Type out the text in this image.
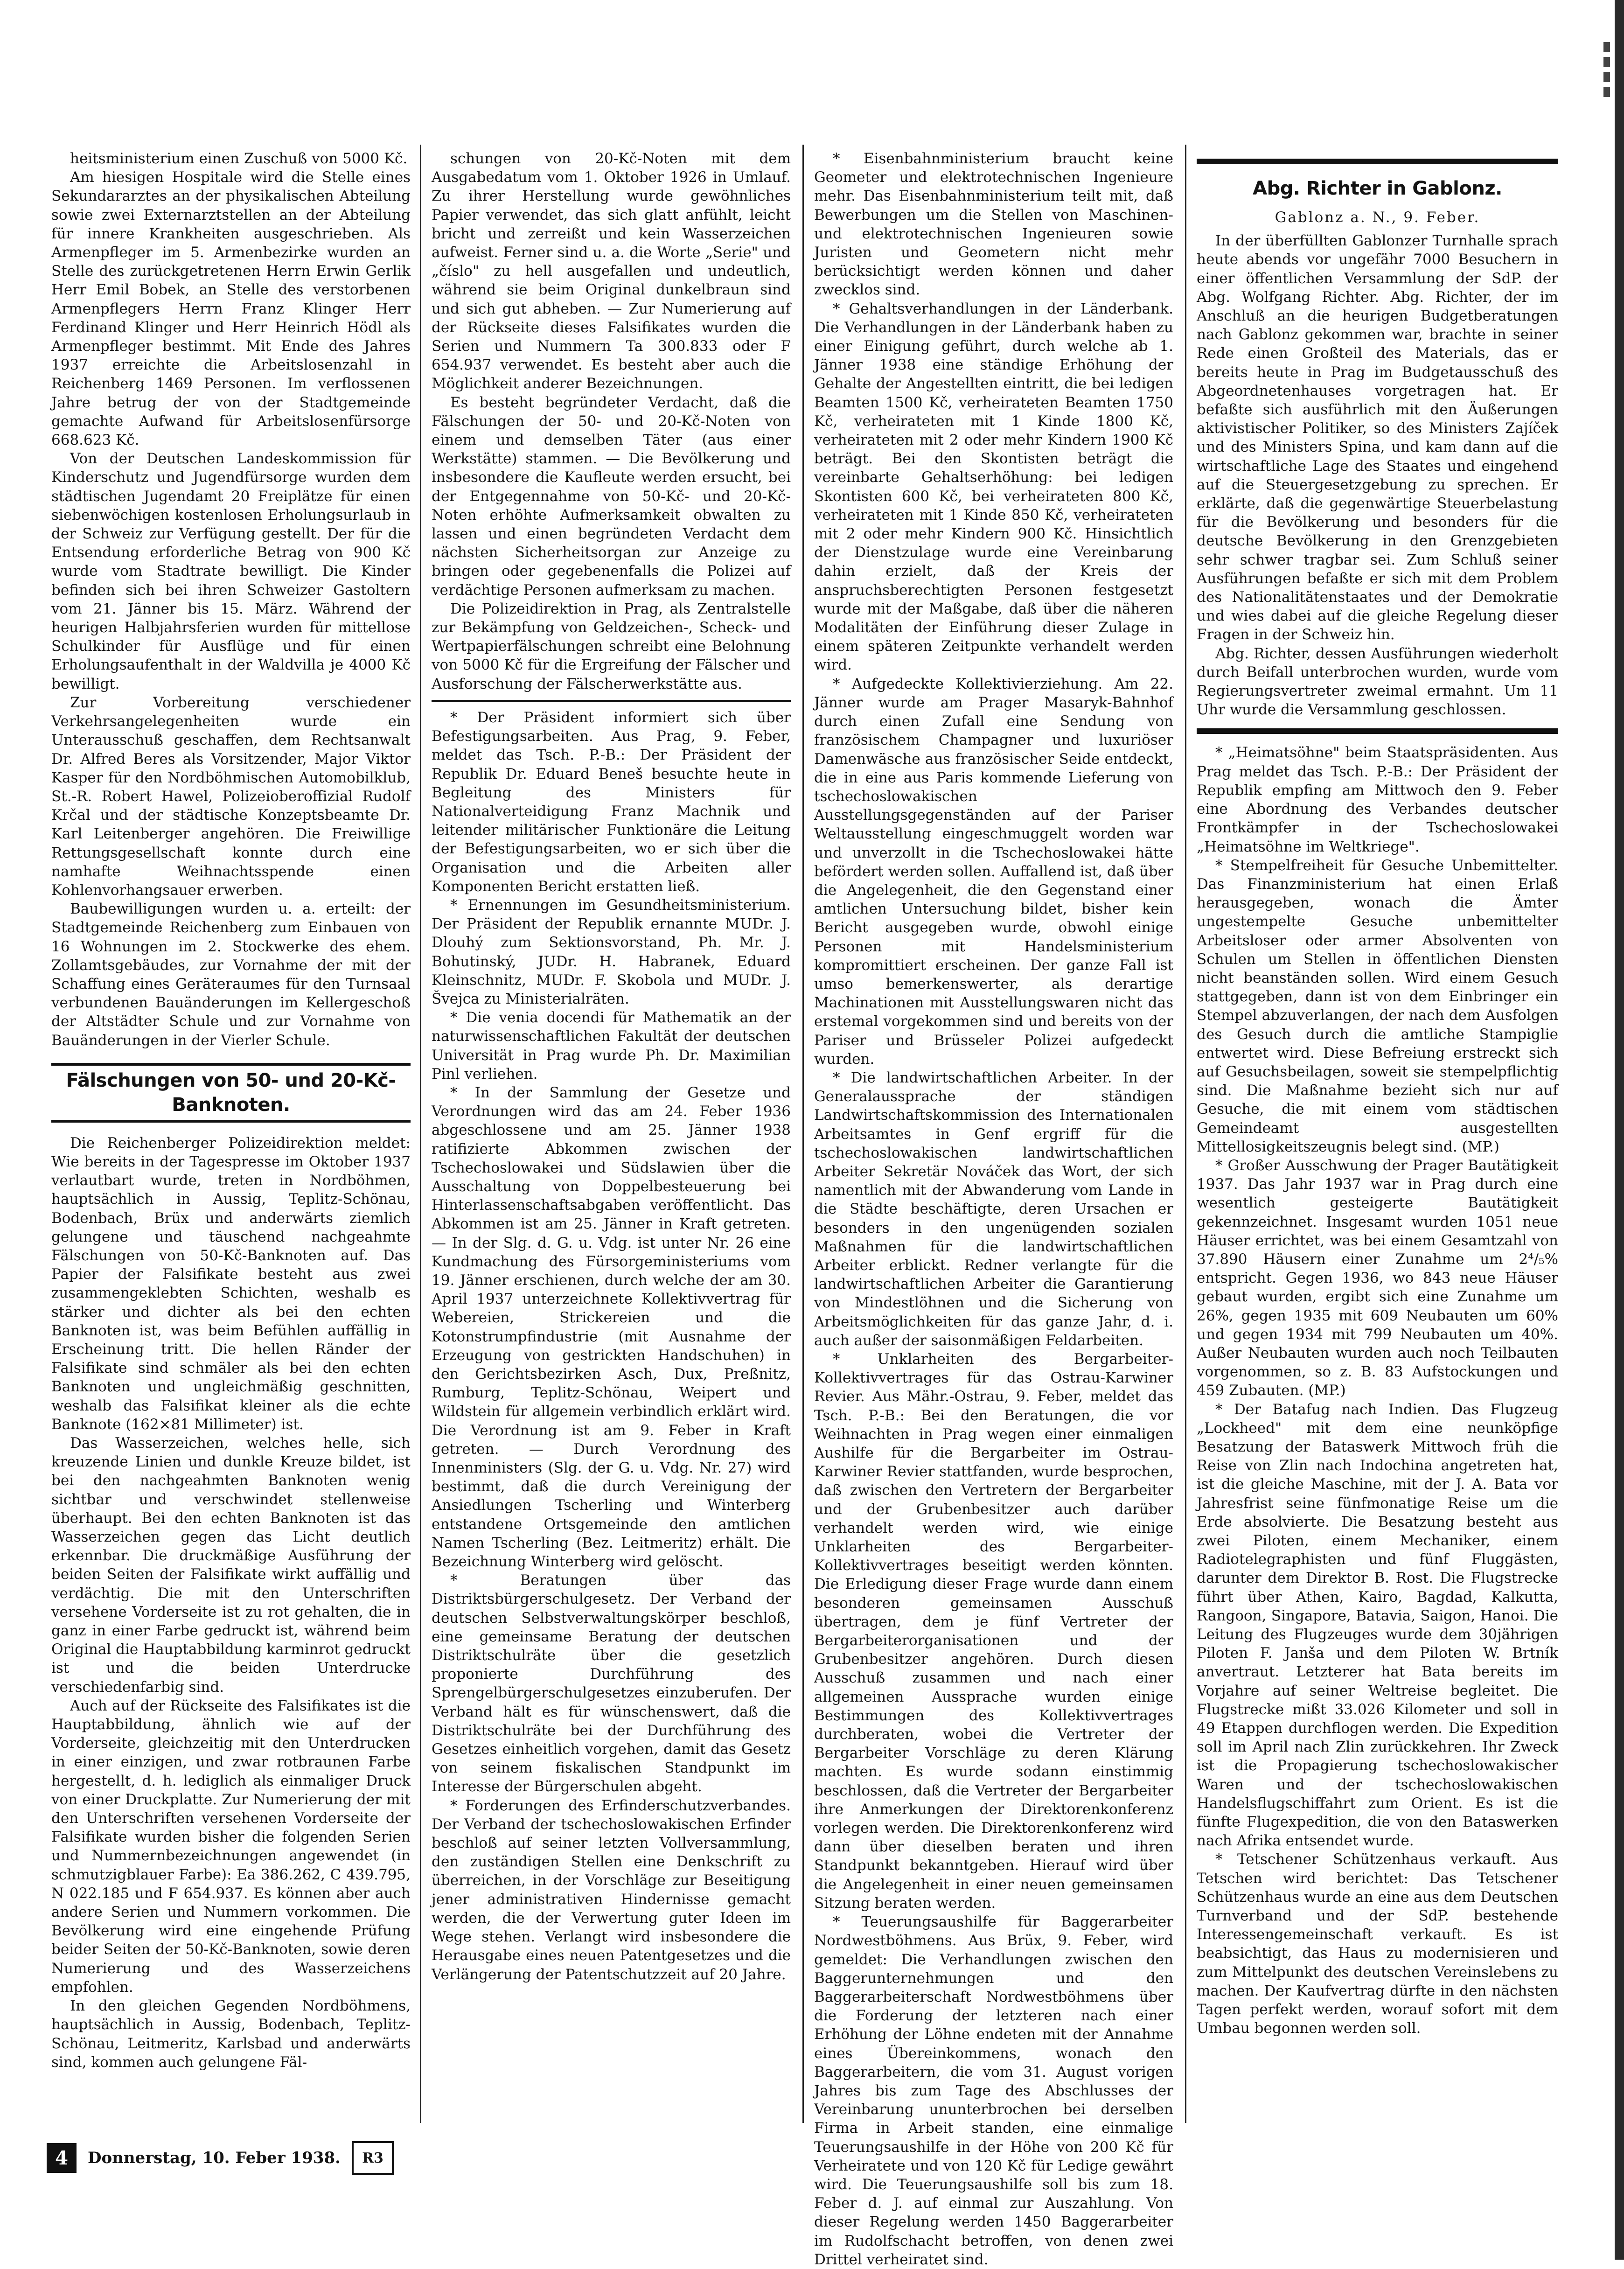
heitsministerium einen Zuschuß von 5000 Kč.

Am hiesigen Hospitale wird die Stelle eines Sekundararztes an der physikalischen Abteilung sowie zwei Externarztstellen an der Abteilung für innere Krankheiten ausgeschrieben. Als Armenpfleger im 5. Armenbezirke wurden an Stelle des zurückgetretenen Herrn Erwin Gerlik Herr Emil Bobek, an Stelle des verstorbenen Armenpflegers Herrn Franz Klinger Herr Ferdinand Klinger und Herr Heinrich Hödl als Armenpfleger bestimmt. Mit Ende des Jahres 1937 erreichte die Arbeitslosenzahl in Reichenberg 1469 Personen. Im verflossenen Jahre betrug der von der Stadtgemeinde gemachte Aufwand für Arbeitslosenfürsorge 668.623 Kč.

Von der Deutschen Landeskommission für Kinderschutz und Jugendfürsorge wurden dem städtischen Jugendamt 20 Freiplätze für einen siebenwöchigen kostenlosen Erholungsurlaub in der Schweiz zur Verfügung gestellt. Der für die Entsendung erforderliche Betrag von 900 Kč wurde vom Stadtrate bewilligt. Die Kinder befinden sich bei ihren Schweizer Gastoltern vom 21. Jänner bis 15. März. Während der heurigen Halbjahrsferien wurden für mittellose Schulkinder für Ausflüge und für einen Erholungsaufenthalt in der Waldvilla je 4000 Kč bewilligt.

Zur Vorbereitung verschiedener Verkehrsangelegenheiten wurde ein Unterausschuß geschaffen, dem Rechtsanwalt Dr. Alfred Beres als Vorsitzender, Major Viktor Kasper für den Nordböhmischen Automobilklub, St.-R. Robert Hawel, Polizeioberoffizial Rudolf Krčal und der städtische Konzeptsbeamte Dr. Karl Leitenberger angehören. Die Freiwillige Rettungsgesellschaft konnte durch eine namhafte Weihnachtsspende einen Kohlenvorhangsauer erwerben.

Baubewilligungen wurden u. a. erteilt: der Stadtgemeinde Reichenberg zum Einbauen von 16 Wohnungen im 2. Stockwerke des ehem. Zollamtsgebäudes, zur Vornahme der mit der Schaffung eines Geräteraumes für den Turnsaal verbundenen Bauänderungen im Kellergeschoß der Altstädter Schule und zur Vornahme von Bauänderungen in der Vierler Schule.

Fälschungen von 50- und 20-Kč-Banknoten.

Die Reichenberger Polizeidirektion meldet: Wie bereits in der Tagespresse im Oktober 1937 verlautbart wurde, treten in Nordböhmen, hauptsächlich in Aussig, Teplitz-Schönau, Bodenbach, Brüx und anderwärts ziemlich gelungene und täuschend nachgeahmte Fälschungen von 50-Kč-Banknoten auf. Das Papier der Falsifikate besteht aus zwei zusammengeklebten Schichten, weshalb es stärker und dichter als bei den echten Banknoten ist, was beim Befühlen auffällig in Erscheinung tritt. Die hellen Ränder der Falsifikate sind schmäler als bei den echten Banknoten und ungleichmäßig geschnitten, weshalb das Falsifikat kleiner als die echte Banknote (162×81 Millimeter) ist.

Das Wasserzeichen, welches helle, sich kreuzende Linien und dunkle Kreuze bildet, ist bei den nachgeahmten Banknoten wenig sichtbar und verschwindet stellenweise überhaupt. Bei den echten Banknoten ist das Wasserzeichen gegen das Licht deutlich erkennbar. Die druckmäßige Ausführung der beiden Seiten der Falsifikate wirkt auffällig und verdächtig. Die mit den Unterschriften versehene Vorderseite ist zu rot gehalten, die in ganz in einer Farbe gedruckt ist, während beim Original die Hauptabbildung karminrot gedruckt ist und die beiden Unterdrucke verschiedenfarbig sind.

Auch auf der Rückseite des Falsifikates ist die Hauptabbildung, ähnlich wie auf der Vorderseite, gleichzeitig mit den Unterdrucken in einer einzigen, und zwar rotbraunen Farbe hergestellt, d. h. lediglich als einmaliger Druck von einer Druckplatte. Zur Numerierung der mit den Unterschriften versehenen Vorderseite der Falsifikate wurden bisher die folgenden Serien und Nummernbezeichnungen angewendet (in schmutzigblauer Farbe): Ea 386.262, C 439.795, N 022.185 und F 654.937. Es können aber auch andere Serien und Nummern vorkommen. Die Bevölkerung wird eine eingehende Prüfung beider Seiten der 50-Kč-Banknoten, sowie deren Numerierung und des Wasserzeichens empfohlen.

In den gleichen Gegenden Nordböhmens, hauptsächlich in Aussig, Bodenbach, Teplitz-Schönau, Leitmeritz, Karlsbad und anderwärts sind, kommen auch gelungene Fäl-

schungen von 20-Kč-Noten mit dem Ausgabedatum vom 1. Oktober 1926 in Umlauf. Zu ihrer Herstellung wurde gewöhnliches Papier verwendet, das sich glatt anfühlt, leicht bricht und zerreißt und kein Wasserzeichen aufweist. Ferner sind u. a. die Worte „Serie" und „číslo" zu hell ausgefallen und undeutlich, während sie beim Original dunkelbraun sind und sich gut abheben. — Zur Numerierung auf der Rückseite dieses Falsifikates wurden die Serien und Nummern Ta 300.833 oder F 654.937 verwendet. Es besteht aber auch die Möglichkeit anderer Bezeichnungen.

Es besteht begründeter Verdacht, daß die Fälschungen der 50- und 20-Kč-Noten von einem und demselben Täter (aus einer Werkstätte) stammen. — Die Bevölkerung und insbesondere die Kaufleute werden ersucht, bei der Entgegennahme von 50-Kč- und 20-Kč-Noten erhöhte Aufmerksamkeit obwalten zu lassen und einen begründeten Verdacht dem nächsten Sicherheitsorgan zur Anzeige zu bringen oder gegebenenfalls die Polizei auf verdächtige Personen aufmerksam zu machen.

Die Polizeidirektion in Prag, als Zentralstelle zur Bekämpfung von Geldzeichen-, Scheck- und Wertpapierfälschungen schreibt eine Belohnung von 5000 Kč für die Ergreifung der Fälscher und Ausforschung der Fälscherwerkstätte aus.

* Der Präsident informiert sich über Befestigungsarbeiten. Aus Prag, 9. Feber, meldet das Tsch. P.-B.: Der Präsident der Republik Dr. Eduard Beneš besuchte heute in Begleitung des Ministers für Nationalverteidigung Franz Machnik und leitender militärischer Funktionäre die Leitung der Befestigungsarbeiten, wo er sich über die Organisation und die Arbeiten aller Komponenten Bericht erstatten ließ.

* Ernennungen im Gesundheitsministerium. Der Präsident der Republik ernannte MUDr. J. Dlouhý zum Sektionsvorstand, Ph. Mr. J. Bohutinský, JUDr. H. Habranek, Eduard Kleinschnitz, MUDr. F. Skobola und MUDr. J. Švejca zu Ministerialräten.

* Die venia docendi für Mathematik an der naturwissenschaftlichen Fakultät der deutschen Universität in Prag wurde Ph. Dr. Maximilian Pinl verliehen.

* In der Sammlung der Gesetze und Verordnungen wird das am 24. Feber 1936 abgeschlossene und am 25. Jänner 1938 ratifizierte Abkommen zwischen der Tschechoslowakei und Südslawien über die Ausschaltung von Doppelbesteuerung bei Hinterlassenschaftsabgaben veröffentlicht. Das Abkommen ist am 25. Jänner in Kraft getreten. — In der Slg. d. G. u. Vdg. ist unter Nr. 26 eine Kundmachung des Fürsorgeministeriums vom 19. Jänner erschienen, durch welche der am 30. April 1937 unterzeichnete Kollektivvertrag für Webereien, Strickereien und die Kotonstrumpfindustrie (mit Ausnahme der Erzeugung von gestrickten Handschuhen) in den Gerichtsbezirken Asch, Dux, Preßnitz, Rumburg, Teplitz-Schönau, Weipert und Wildstein für allgemein verbindlich erklärt wird. Die Verordnung ist am 9. Feber in Kraft getreten. — Durch Verordnung des Innenministers (Slg. der G. u. Vdg. Nr. 27) wird bestimmt, daß die durch Vereinigung der Ansiedlungen Tscherling und Winterberg entstandene Ortsgemeinde den amtlichen Namen Tscherling (Bez. Leitmeritz) erhält. Die Bezeichnung Winterberg wird gelöscht.

* Beratungen über das Distriktsbürgerschulgesetz. Der Verband der deutschen Selbstverwaltungskörper beschloß, eine gemeinsame Beratung der deutschen Distriktschulräte über die gesetzlich proponierte Durchführung des Sprengelbürgerschulgesetzes einzuberufen. Der Verband hält es für wünschenswert, daß die Distriktschulräte bei der Durchführung des Gesetzes einheitlich vorgehen, damit das Gesetz von seinem fiskalischen Standpunkt im Interesse der Bürgerschulen abgeht.

* Forderungen des Erfinderschutzverbandes. Der Verband der tschechoslowakischen Erfinder beschloß auf seiner letzten Vollversammlung, den zuständigen Stellen eine Denkschrift zu überreichen, in der Vorschläge zur Beseitigung jener administrativen Hindernisse gemacht werden, die der Verwertung guter Ideen im Wege stehen. Verlangt wird insbesondere die Herausgabe eines neuen Patentgesetzes und die Verlängerung der Patentschutzzeit auf 20 Jahre.

* Eisenbahnministerium braucht keine Geometer und elektrotechnischen Ingenieure mehr. Das Eisenbahnministerium teilt mit, daß Bewerbungen um die Stellen von Maschinen- und elektrotechnischen Ingenieuren sowie Juristen und Geometern nicht mehr berücksichtigt werden können und daher zwecklos sind.

* Gehaltsverhandlungen in der Länderbank. Die Verhandlungen in der Länderbank haben zu einer Einigung geführt, durch welche ab 1. Jänner 1938 eine ständige Erhöhung der Gehalte der Angestellten eintritt, die bei ledigen Beamten 1500 Kč, verheirateten Beamten 1750 Kč, verheirateten mit 1 Kinde 1800 Kč, verheirateten mit 2 oder mehr Kindern 1900 Kč beträgt. Bei den Skontisten beträgt die vereinbarte Gehaltserhöhung: bei ledigen Skontisten 600 Kč, bei verheirateten 800 Kč, verheirateten mit 1 Kinde 850 Kč, verheirateten mit 2 oder mehr Kindern 900 Kč. Hinsichtlich der Dienstzulage wurde eine Vereinbarung dahin erzielt, daß der Kreis der anspruchsberechtigten Personen festgesetzt wurde mit der Maßgabe, daß über die näheren Modalitäten der Einführung dieser Zulage in einem späteren Zeitpunkte verhandelt werden wird.

* Aufgedeckte Kollektivierziehung. Am 22. Jänner wurde am Prager Masaryk-Bahnhof durch einen Zufall eine Sendung von französischem Champagner und luxuriöser Damenwäsche aus französischer Seide entdeckt, die in eine aus Paris kommende Lieferung von tschechoslowakischen Ausstellungsgegenständen auf der Pariser Weltausstellung eingeschmuggelt worden war und unverzollt in die Tschechoslowakei hätte befördert werden sollen. Auffallend ist, daß über die Angelegenheit, die den Gegenstand einer amtlichen Untersuchung bildet, bisher kein Bericht ausgegeben wurde, obwohl einige Personen mit Handelsministerium kompromittiert erscheinen. Der ganze Fall ist umso bemerkenswerter, als derartige Machinationen mit Ausstellungswaren nicht das erstemal vorgekommen sind und bereits von der Pariser und Brüsseler Polizei aufgedeckt wurden.

* Die landwirtschaftlichen Arbeiter. In der Generalaussprache der ständigen Landwirtschaftskommission des Internationalen Arbeitsamtes in Genf ergriff für die tschechoslowakischen landwirtschaftlichen Arbeiter Sekretär Nováček das Wort, der sich namentlich mit der Abwanderung vom Lande in die Städte beschäftigte, deren Ursachen er besonders in den ungenügenden sozialen Maßnahmen für die landwirtschaftlichen Arbeiter erblickt. Redner verlangte für die landwirtschaftlichen Arbeiter die Garantierung von Mindestlöhnen und die Sicherung von Arbeitsmöglichkeiten für das ganze Jahr, d. i. auch außer der saisonmäßigen Feldarbeiten.

* Unklarheiten des Bergarbeiter-Kollektivvertrages für das Ostrau-Karwiner Revier. Aus Mähr.-Ostrau, 9. Feber, meldet das Tsch. P.-B.: Bei den Beratungen, die vor Weihnachten in Prag wegen einer einmaligen Aushilfe für die Bergarbeiter im Ostrau-Karwiner Revier stattfanden, wurde besprochen, daß zwischen den Vertretern der Bergarbeiter und der Grubenbesitzer auch darüber verhandelt werden wird, wie einige Unklarheiten des Bergarbeiter-Kollektivvertrages beseitigt werden könnten. Die Erledigung dieser Frage wurde dann einem besonderen gemeinsamen Ausschuß übertragen, dem je fünf Vertreter der Bergarbeiterorganisationen und der Grubenbesitzer angehören. Durch diesen Ausschuß zusammen und nach einer allgemeinen Aussprache wurden einige Bestimmungen des Kollektivvertrages durchberaten, wobei die Vertreter der Bergarbeiter Vorschläge zu deren Klärung machten. Es wurde sodann einstimmig beschlossen, daß die Vertreter der Bergarbeiter ihre Anmerkungen der Direktorenkonferenz vorlegen werden. Die Direktorenkonferenz wird dann über dieselben beraten und ihren Standpunkt bekanntgeben. Hierauf wird über die Angelegenheit in einer neuen gemeinsamen Sitzung beraten werden.

* Teuerungsaushilfe für Baggerarbeiter Nordwestböhmens. Aus Brüx, 9. Feber, wird gemeldet: Die Verhandlungen zwischen den Baggerunternehmungen und den Baggerarbeiterschaft Nordwestböhmens über die Forderung der letzteren nach einer Erhöhung der Löhne endeten mit der Annahme eines Übereinkommens, wonach den Baggerarbeitern, die vom 31. August vorigen Jahres bis zum Tage des Abschlusses der Vereinbarung ununterbrochen bei derselben Firma in Arbeit standen, eine einmalige Teuerungsaushilfe in der Höhe von 200 Kč für Verheiratete und von 120 Kč für Ledige gewährt wird. Die Teuerungsaushilfe soll bis zum 18. Feber d. J. auf einmal zur Auszahlung. Von dieser Regelung werden 1450 Baggerarbeiter im Rudolfschacht betroffen, von denen zwei Drittel verheiratet sind.

Abg. Richter in Gablonz.

Gablonz a. N., 9. Feber.

In der überfüllten Gablonzer Turnhalle sprach heute abends vor ungefähr 7000 Besuchern in einer öffentlichen Versammlung der SdP. der Abg. Wolfgang Richter. Abg. Richter, der im Anschluß an die heurigen Budgetberatungen nach Gablonz gekommen war, brachte in seiner Rede einen Großteil des Materials, das er bereits heute in Prag im Budgetausschuß des Abgeordnetenhauses vorgetragen hat. Er befaßte sich ausführlich mit den Äußerungen aktivistischer Politiker, so des Ministers Zajíček und des Ministers Spina, und kam dann auf die wirtschaftliche Lage des Staates und eingehend auf die Steuergesetzgebung zu sprechen. Er erklärte, daß die gegenwärtige Steuerbelastung für die Bevölkerung und besonders für die deutsche Bevölkerung in den Grenzgebieten sehr schwer tragbar sei. Zum Schluß seiner Ausführungen befaßte er sich mit dem Problem des Nationalitätenstaates und der Demokratie und wies dabei auf die gleiche Regelung dieser Fragen in der Schweiz hin.

Abg. Richter, dessen Ausführungen wiederholt durch Beifall unterbrochen wurden, wurde vom Regierungsvertreter zweimal ermahnt. Um 11 Uhr wurde die Versammlung geschlossen.

* „Heimatsöhne" beim Staatspräsidenten. Aus Prag meldet das Tsch. P.-B.: Der Präsident der Republik empfing am Mittwoch den 9. Feber eine Abordnung des Verbandes deutscher Frontkämpfer in der Tschechoslowakei „Heimatsöhne im Weltkriege".

* Stempelfreiheit für Gesuche Unbemittelter. Das Finanzministerium hat einen Erlaß herausgegeben, wonach die Ämter ungestempelte Gesuche unbemittelter Arbeitsloser oder armer Absolventen von Schulen um Stellen in öffentlichen Diensten nicht beanständen sollen. Wird einem Gesuch stattgegeben, dann ist von dem Einbringer ein Stempel abzuverlangen, der nach dem Ausfolgen des Gesuch durch die amtliche Stampiglie entwertet wird. Diese Befreiung erstreckt sich auf Gesuchsbeilagen, soweit sie stempelpflichtig sind. Die Maßnahme bezieht sich nur auf Gesuche, die mit einem vom städtischen Gemeindeamt ausgestellten Mittellosigkeitszeugnis belegt sind. (MP.)

* Großer Ausschwung der Prager Bautätigkeit 1937. Das Jahr 1937 war in Prag durch eine wesentlich gesteigerte Bautätigkeit gekennzeichnet. Insgesamt wurden 1051 neue Häuser errichtet, was bei einem Gesamtzahl von 37.890 Häusern einer Zunahme um 2⁴/₅% entspricht. Gegen 1936, wo 843 neue Häuser gebaut wurden, ergibt sich eine Zunahme um 26%, gegen 1935 mit 609 Neubauten um 60% und gegen 1934 mit 799 Neubauten um 40%. Außer Neubauten wurden auch noch Teilbauten vorgenommen, so z. B. 83 Aufstockungen und 459 Zubauten. (MP.)

* Der Batafug nach Indien. Das Flugzeug „Lockheed" mit dem eine neunköpfige Besatzung der Bataswerk Mittwoch früh die Reise von Zlin nach Indochina angetreten hat, ist die gleiche Maschine, mit der J. A. Bata vor Jahresfrist seine fünfmonatige Reise um die Erde absolvierte. Die Besatzung besteht aus zwei Piloten, einem Mechaniker, einem Radiotelegraphisten und fünf Fluggästen, darunter dem Direktor B. Rost. Die Flugstrecke führt über Athen, Kairo, Bagdad, Kalkutta, Rangoon, Singapore, Batavia, Saigon, Hanoi. Die Leitung des Flugzeuges wurde dem 30jährigen Piloten F. Janša und dem Piloten W. Brtník anvertraut. Letzterer hat Bata bereits im Vorjahre auf seiner Weltreise begleitet. Die Flugstrecke mißt 33.026 Kilometer und soll in 49 Etappen durchflogen werden. Die Expedition soll im April nach Zlin zurückkehren. Ihr Zweck ist die Propagierung tschechoslowakischer Waren und der tschechoslowakischen Handelsflugschiffahrt zum Orient. Es ist die fünfte Flugexpedition, die von den Bataswerken nach Afrika entsendet wurde.

* Tetschener Schützenhaus verkauft. Aus Tetschen wird berichtet: Das Tetschener Schützenhaus wurde an eine aus dem Deutschen Turnverband und der SdP. bestehende Interessengemeinschaft verkauft. Es ist beabsichtigt, das Haus zu modernisieren und zum Mittelpunkt des deutschen Vereinslebens zu machen. Der Kaufvertrag dürfte in den nächsten Tagen perfekt werden, worauf sofort mit dem Umbau begonnen werden soll.

4	Donnerstag, 10. Feber 1938.	R3
